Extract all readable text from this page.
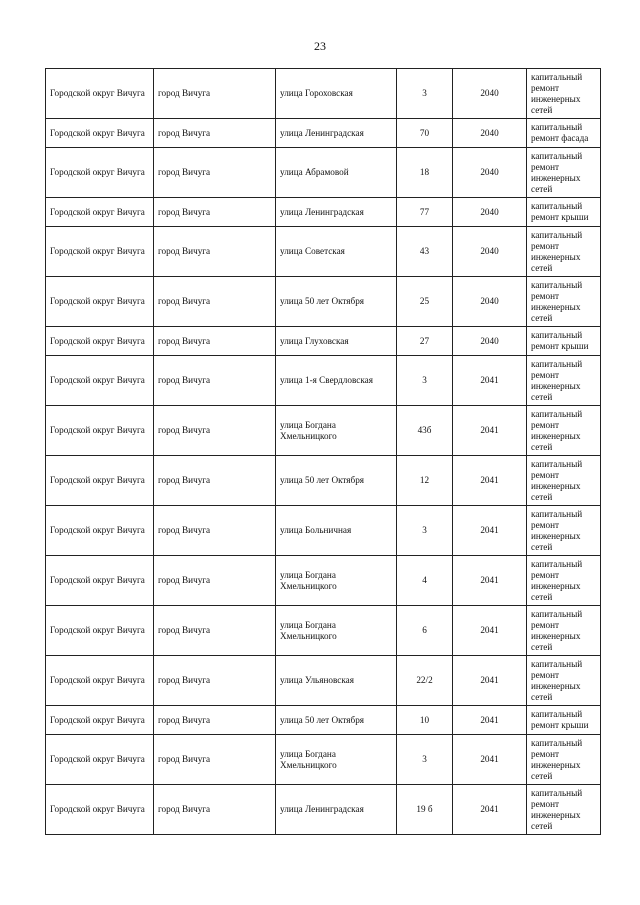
23
Городской округ Вичуга	город Вичуга	улица Гороховская	3	2040	капитальный ремонт инженерных сетей
Городской округ Вичуга	город Вичуга	улица Ленинградская	70	2040	капитальный ремонт фасада
Городской округ Вичуга	город Вичуга	улица Абрамовой	18	2040	капитальный ремонт инженерных сетей
Городской округ Вичуга	город Вичуга	улица Ленинградская	77	2040	капитальный ремонт крыши
Городской округ Вичуга	город Вичуга	улица Советская	43	2040	капитальный ремонт инженерных сетей
Городской округ Вичуга	город Вичуга	улица 50 лет Октября	25	2040	капитальный ремонт инженерных сетей
Городской округ Вичуга	город Вичуга	улица Глуховская	27	2040	капитальный ремонт крыши
Городской округ Вичуга	город Вичуга	улица 1-я Свердловская	3	2041	капитальный ремонт инженерных сетей
Городской округ Вичуга	город Вичуга	улица Богдана Хмельницкого	43б	2041	капитальный ремонт инженерных сетей
Городской округ Вичуга	город Вичуга	улица 50 лет Октября	12	2041	капитальный ремонт инженерных сетей
Городской округ Вичуга	город Вичуга	улица Больничная	3	2041	капитальный ремонт инженерных сетей
Городской округ Вичуга	город Вичуга	улица Богдана Хмельницкого	4	2041	капитальный ремонт инженерных сетей
Городской округ Вичуга	город Вичуга	улица Богдана Хмельницкого	6	2041	капитальный ремонт инженерных сетей
Городской округ Вичуга	город Вичуга	улица Ульяновская	22/2	2041	капитальный ремонт инженерных сетей
Городской округ Вичуга	город Вичуга	улица 50 лет Октября	10	2041	капитальный ремонт крыши
Городской округ Вичуга	город Вичуга	улица Богдана Хмельницкого	3	2041	капитальный ремонт инженерных сетей
Городской округ Вичуга	город Вичуга	улица Ленинградская	19 б	2041	капитальный ремонт инженерных сетей
